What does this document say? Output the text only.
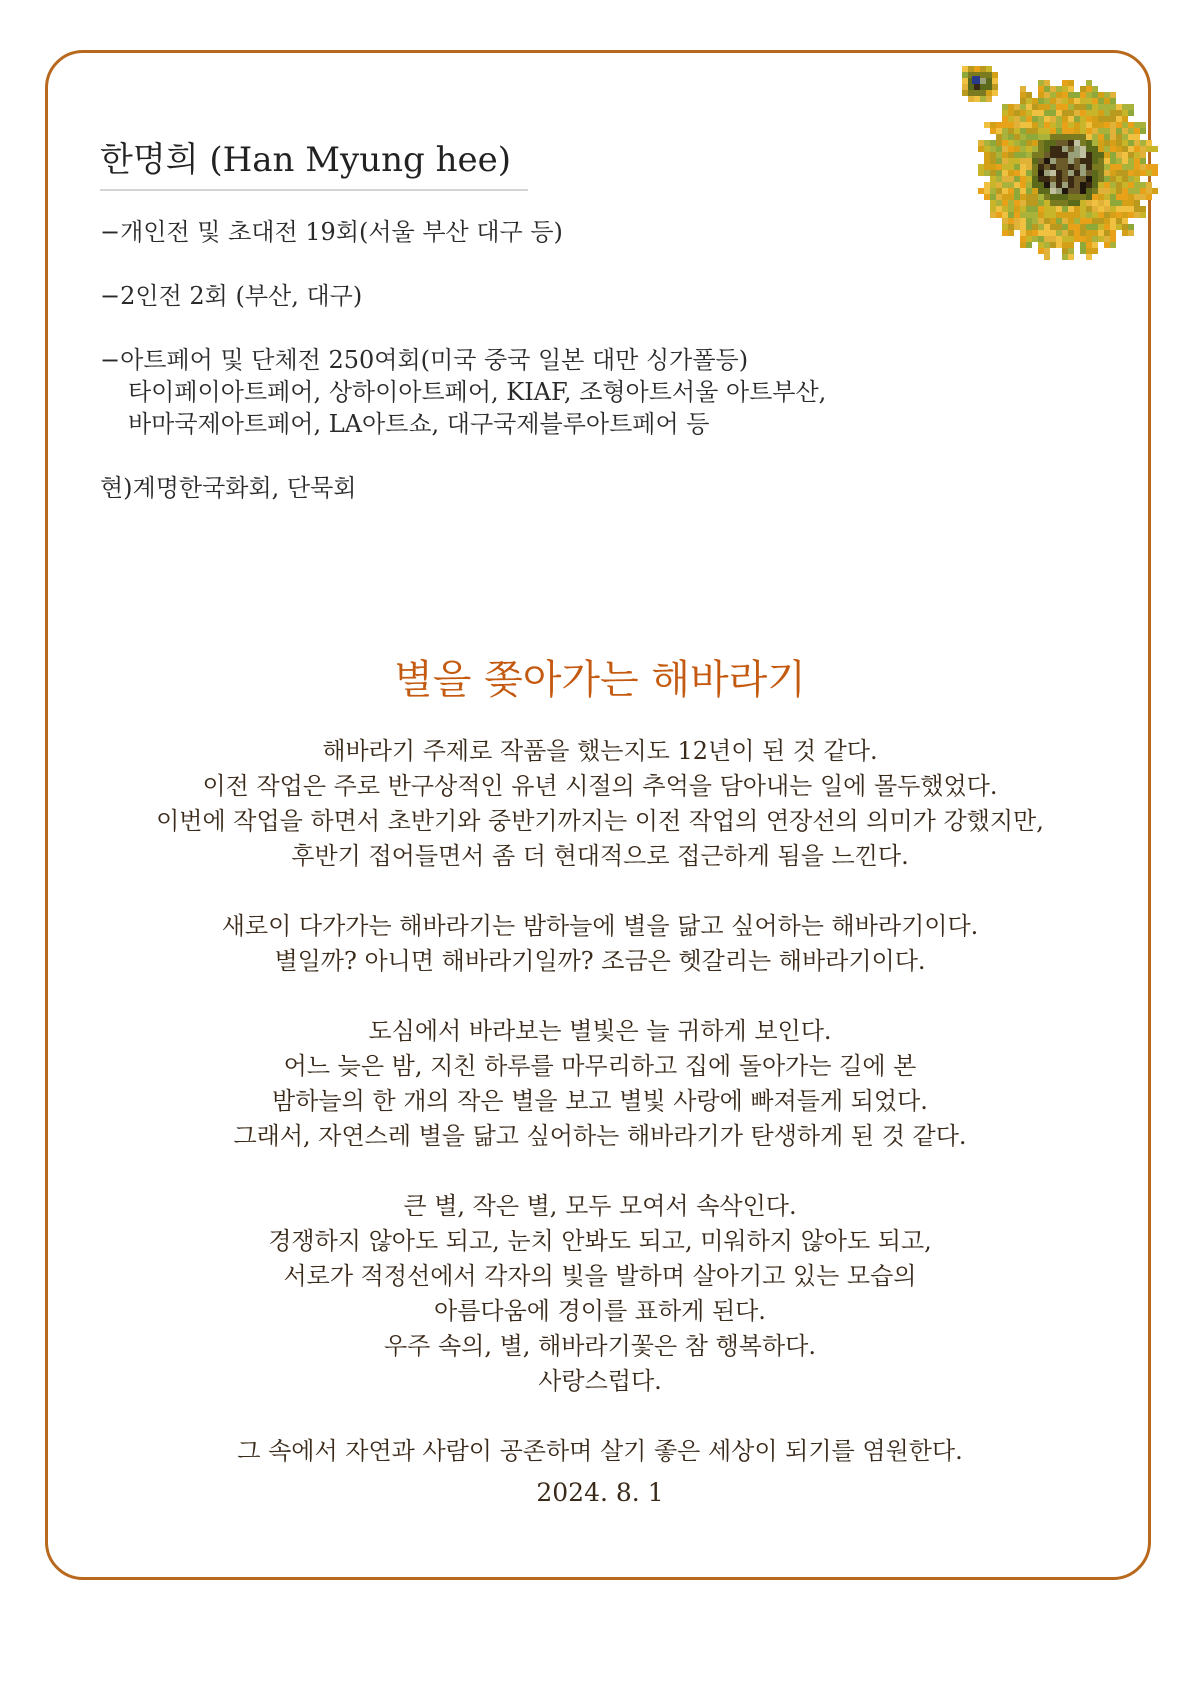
한명희 (Han Myung hee)
−개인전 및 초대전 19회(서울 부산 대구 등)
−2인전 2회 (부산, 대구)
−아트페어 및 단체전 250여회(미국 중국 일본 대만 싱가폴등)
타이페이아트페어, 상하이아트페어, KIAF, 조형아트서울 아트부산,
바마국제아트페어, LA아트쇼, 대구국제블루아트페어 등
현)계명한국화회, 단묵회
별을 쫒아가는 해바라기
해바라기 주제로 작품을 했는지도 12년이 된 것 같다.
이전 작업은 주로 반구상적인 유년 시절의 추억을 담아내는 일에 몰두했었다.
이번에 작업을 하면서 초반기와 중반기까지는 이전 작업의 연장선의 의미가 강했지만,
후반기 접어들면서 좀 더 현대적으로 접근하게 됨을 느낀다.
새로이 다가가는 해바라기는 밤하늘에 별을 닮고 싶어하는 해바라기이다.
별일까? 아니면 해바라기일까? 조금은 헷갈리는 해바라기이다.
도심에서 바라보는 별빛은 늘 귀하게 보인다.
어느 늦은 밤, 지친 하루를 마무리하고 집에 돌아가는 길에 본
밤하늘의 한 개의 작은 별을 보고 별빛 사랑에 빠져들게 되었다.
그래서, 자연스레 별을 닮고 싶어하는 해바라기가 탄생하게 된 것 같다.
큰 별, 작은 별, 모두 모여서 속삭인다.
경쟁하지 않아도 되고, 눈치 안봐도 되고, 미워하지 않아도 되고,
서로가 적정선에서 각자의 빛을 발하며 살아기고 있는 모습의
아름다움에 경이를 표하게 된다.
우주 속의, 별, 해바라기꽃은 참 행복하다.
사랑스럽다.
그 속에서 자연과 사람이 공존하며 살기 좋은 세상이 되기를 염원한다.
2024. 8. 1
